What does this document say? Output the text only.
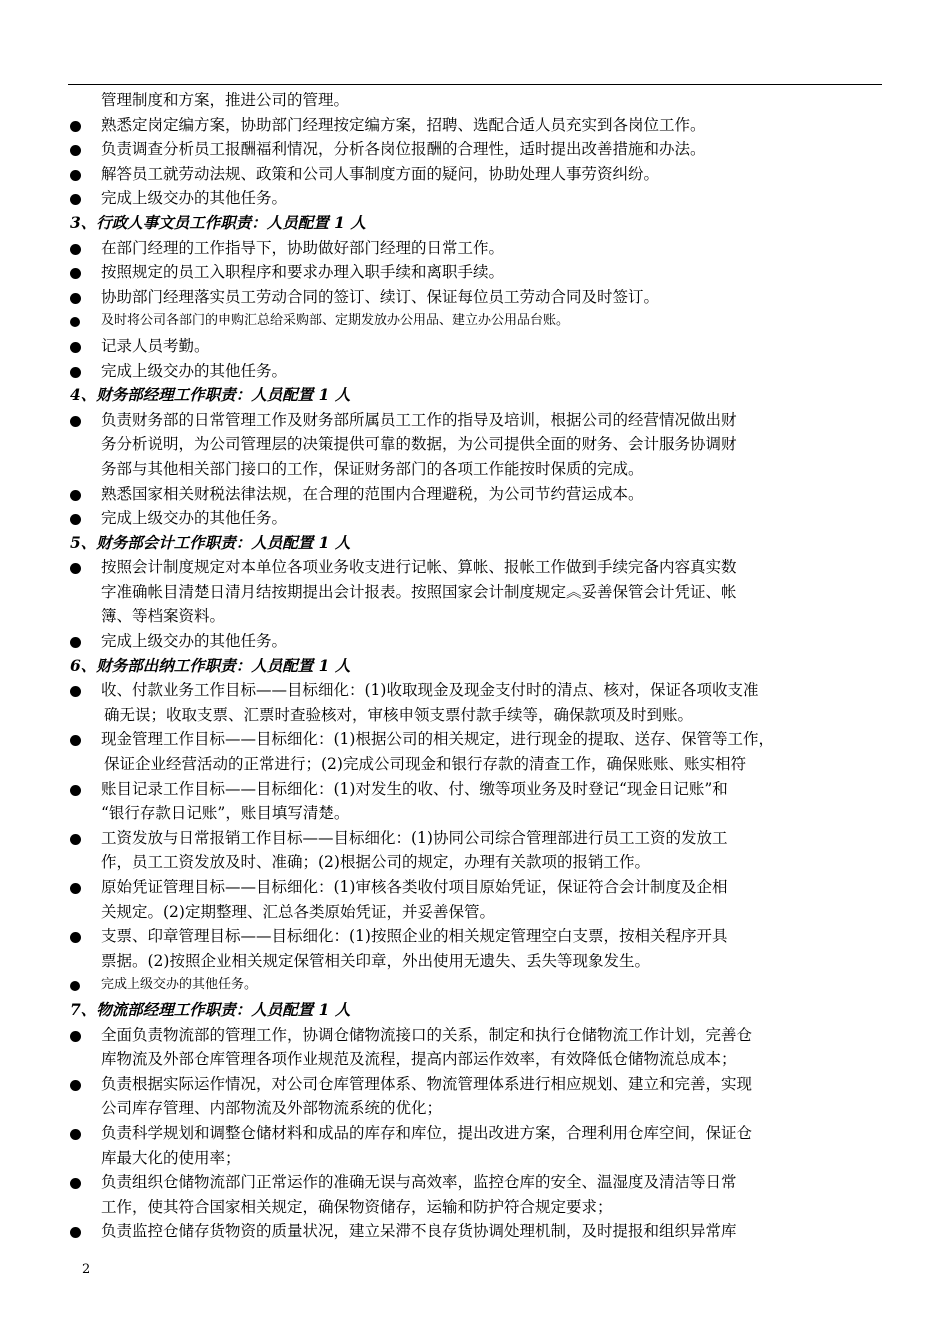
管理制度和方案，推进公司的管理。
熟悉定岗定编方案，协助部门经理按定编方案，招聘、选配合适人员充实到各岗位工作。
负责调查分析员工报酬福利情况，分析各岗位报酬的合理性，适时提出改善措施和办法。
解答员工就劳动法规、政策和公司人事制度方面的疑问，协助处理人事劳资纠纷。
完成上级交办的其他任务。
3、行政人事文员工作职责：人员配置 1 人
在部门经理的工作指导下，协助做好部门经理的日常工作。
按照规定的员工入职程序和要求办理入职手续和离职手续。
协助部门经理落实员工劳动合同的签订、续订、保证每位员工劳动合同及时签订。
及时将公司各部门的申购汇总给采购部、定期发放办公用品、建立办公用品台账。
记录人员考勤。
完成上级交办的其他任务。
4、财务部经理工作职责：人员配置 1 人
负责财务部的日常管理工作及财务部所属员工工作的指导及培训，根据公司的经营情况做出财
务分析说明，为公司管理层的决策提供可靠的数据，为公司提供全面的财务、会计服务协调财
务部与其他相关部门接口的工作，保证财务部门的各项工作能按时保质的完成。
熟悉国家相关财税法律法规，在合理的范围内合理避税，为公司节约营运成本。
完成上级交办的其他任务。
5、财务部会计工作职责：人员配置 1 人
按照会计制度规定对本单位各项业务收支进行记帐、算帐、报帐工作做到手续完备内容真实数
字准确帐目清楚日清月结按期提出会计报表。按照国家会计制度规定︽妥善保管会计凭证、帐
簿、等档案资料。
完成上级交办的其他任务。
6、财务部出纳工作职责：人员配置 1 人
收、付款业务工作目标——目标细化：(1)收取现金及现金支付时的清点、核对，保证各项收支准
确无误；收取支票、汇票时查验核对，审核申领支票付款手续等，确保款项及时到账。
现金管理工作目标——目标细化：(1)根据公司的相关规定，进行现金的提取、送存、保管等工作，
保证企业经营活动的正常进行；(2)完成公司现金和银行存款的清查工作，确保账账、账实相符
账目记录工作目标——目标细化：(1)对发生的收、付、缴等项业务及时登记“现金日记账”和
“银行存款日记账”，账目填写清楚。
工资发放与日常报销工作目标——目标细化：(1)协同公司综合管理部进行员工工资的发放工
作，员工工资发放及时、准确；(2)根据公司的规定，办理有关款项的报销工作。
原始凭证管理目标——目标细化：(1)审核各类收付项目原始凭证，保证符合会计制度及企相
关规定。(2)定期整理、汇总各类原始凭证，并妥善保管。
支票、印章管理目标——目标细化：(1)按照企业的相关规定管理空白支票，按相关程序开具
票据。(2)按照企业相关规定保管相关印章，外出使用无遗失、丢失等现象发生。
完成上级交办的其他任务。
7、物流部经理工作职责：人员配置 1 人
全面负责物流部的管理工作，协调仓储物流接口的关系，制定和执行仓储物流工作计划，完善仓
库物流及外部仓库管理各项作业规范及流程，提高内部运作效率，有效降低仓储物流总成本；
负责根据实际运作情况，对公司仓库管理体系、物流管理体系进行相应规划、建立和完善，实现
公司库存管理、内部物流及外部物流系统的优化；
负责科学规划和调整仓储材料和成品的库存和库位，提出改进方案，合理利用仓库空间，保证仓
库最大化的使用率；
负责组织仓储物流部门正常运作的准确无误与高效率，监控仓库的安全、温湿度及清洁等日常
工作，使其符合国家相关规定，确保物资储存，运输和防护符合规定要求；
负责监控仓储存货物资的质量状况，建立呆滞不良存货协调处理机制，及时提报和组织异常库
2
